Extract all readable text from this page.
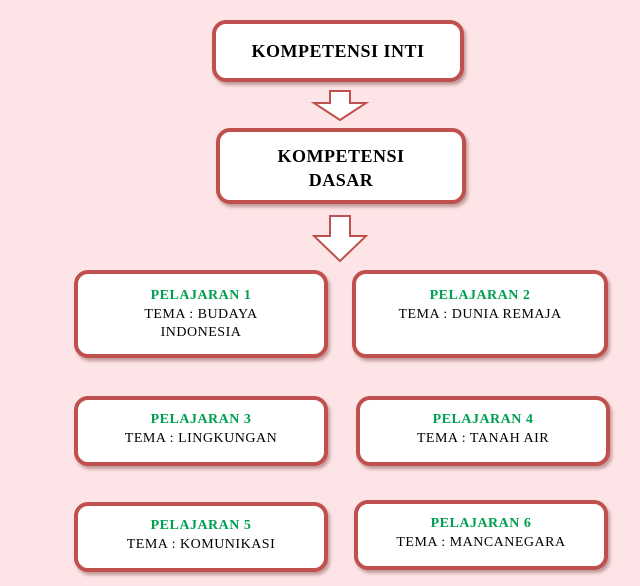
KOMPETENSI INTI
KOMPETENSI
DASAR
PELAJARAN 1
TEMA : BUDAYA
INDONESIA
PELAJARAN 2
TEMA : DUNIA REMAJA
PELAJARAN 3
TEMA : LINGKUNGAN
PELAJARAN 4
TEMA : TANAH AIR
PELAJARAN 5
TEMA : KOMUNIKASI
PELAJARAN 6
TEMA : MANCANEGARA
